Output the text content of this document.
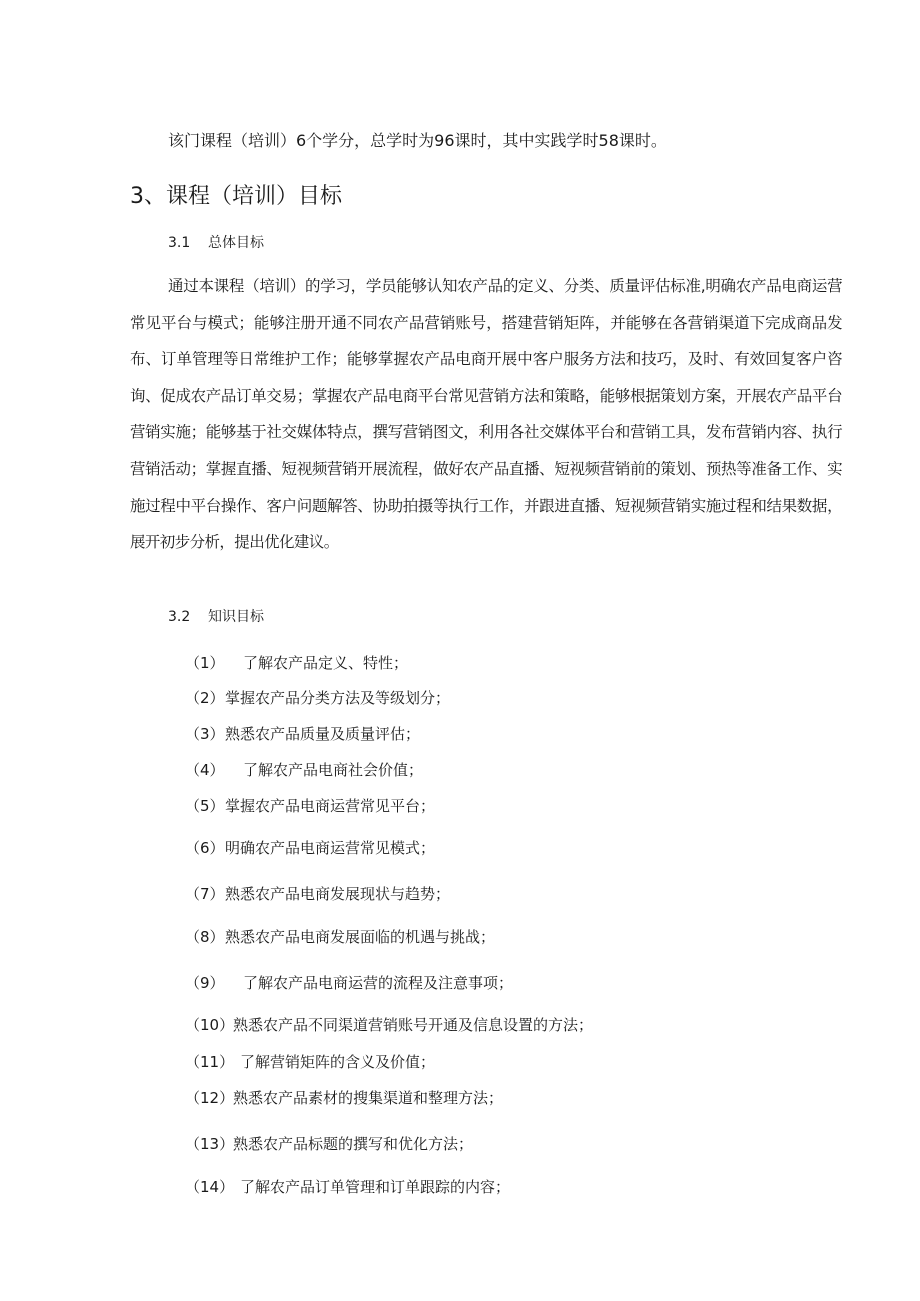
该门课程（培训）6个学分，总学时为96课时，其中实践学时58课时。
3、课程（培训）目标
3.1 总体目标
通过本课程（培训）的学习，学员能够认知农产品的定义、分类、质量评估标准,明确农产品电商运营常见平台与模式；能够注册开通不同农产品营销账号，搭建营销矩阵，并能够在各营销渠道下完成商品发布、订单管理等日常维护工作；能够掌握农产品电商开展中客户服务方法和技巧，及时、有效回复客户咨询、促成农产品订单交易；掌握农产品电商平台常见营销方法和策略，能够根据策划方案，开展农产品平台营销实施；能够基于社交媒体特点，撰写营销图文，利用各社交媒体平台和营销工具，发布营销内容、执行营销活动；掌握直播、短视频营销开展流程，做好农产品直播、短视频营销前的策划、预热等准备工作、实施过程中平台操作、客户问题解答、协助拍摄等执行工作，并跟进直播、短视频营销实施过程和结果数据，展开初步分析，提出优化建议。
3.2 知识目标
（1） 了解农产品定义、特性；
（2）掌握农产品分类方法及等级划分；
（3）熟悉农产品质量及质量评估；
（4） 了解农产品电商社会价值；
（5）掌握农产品电商运营常见平台；
（6）明确农产品电商运营常见模式；
（7）熟悉农产品电商发展现状与趋势；
（8）熟悉农产品电商发展面临的机遇与挑战；
（9） 了解农产品电商运营的流程及注意事项；
（10）熟悉农产品不同渠道营销账号开通及信息设置的方法；
（11） 了解营销矩阵的含义及价值；
（12）熟悉农产品素材的搜集渠道和整理方法；
（13）熟悉农产品标题的撰写和优化方法；
（14） 了解农产品订单管理和订单跟踪的内容；
